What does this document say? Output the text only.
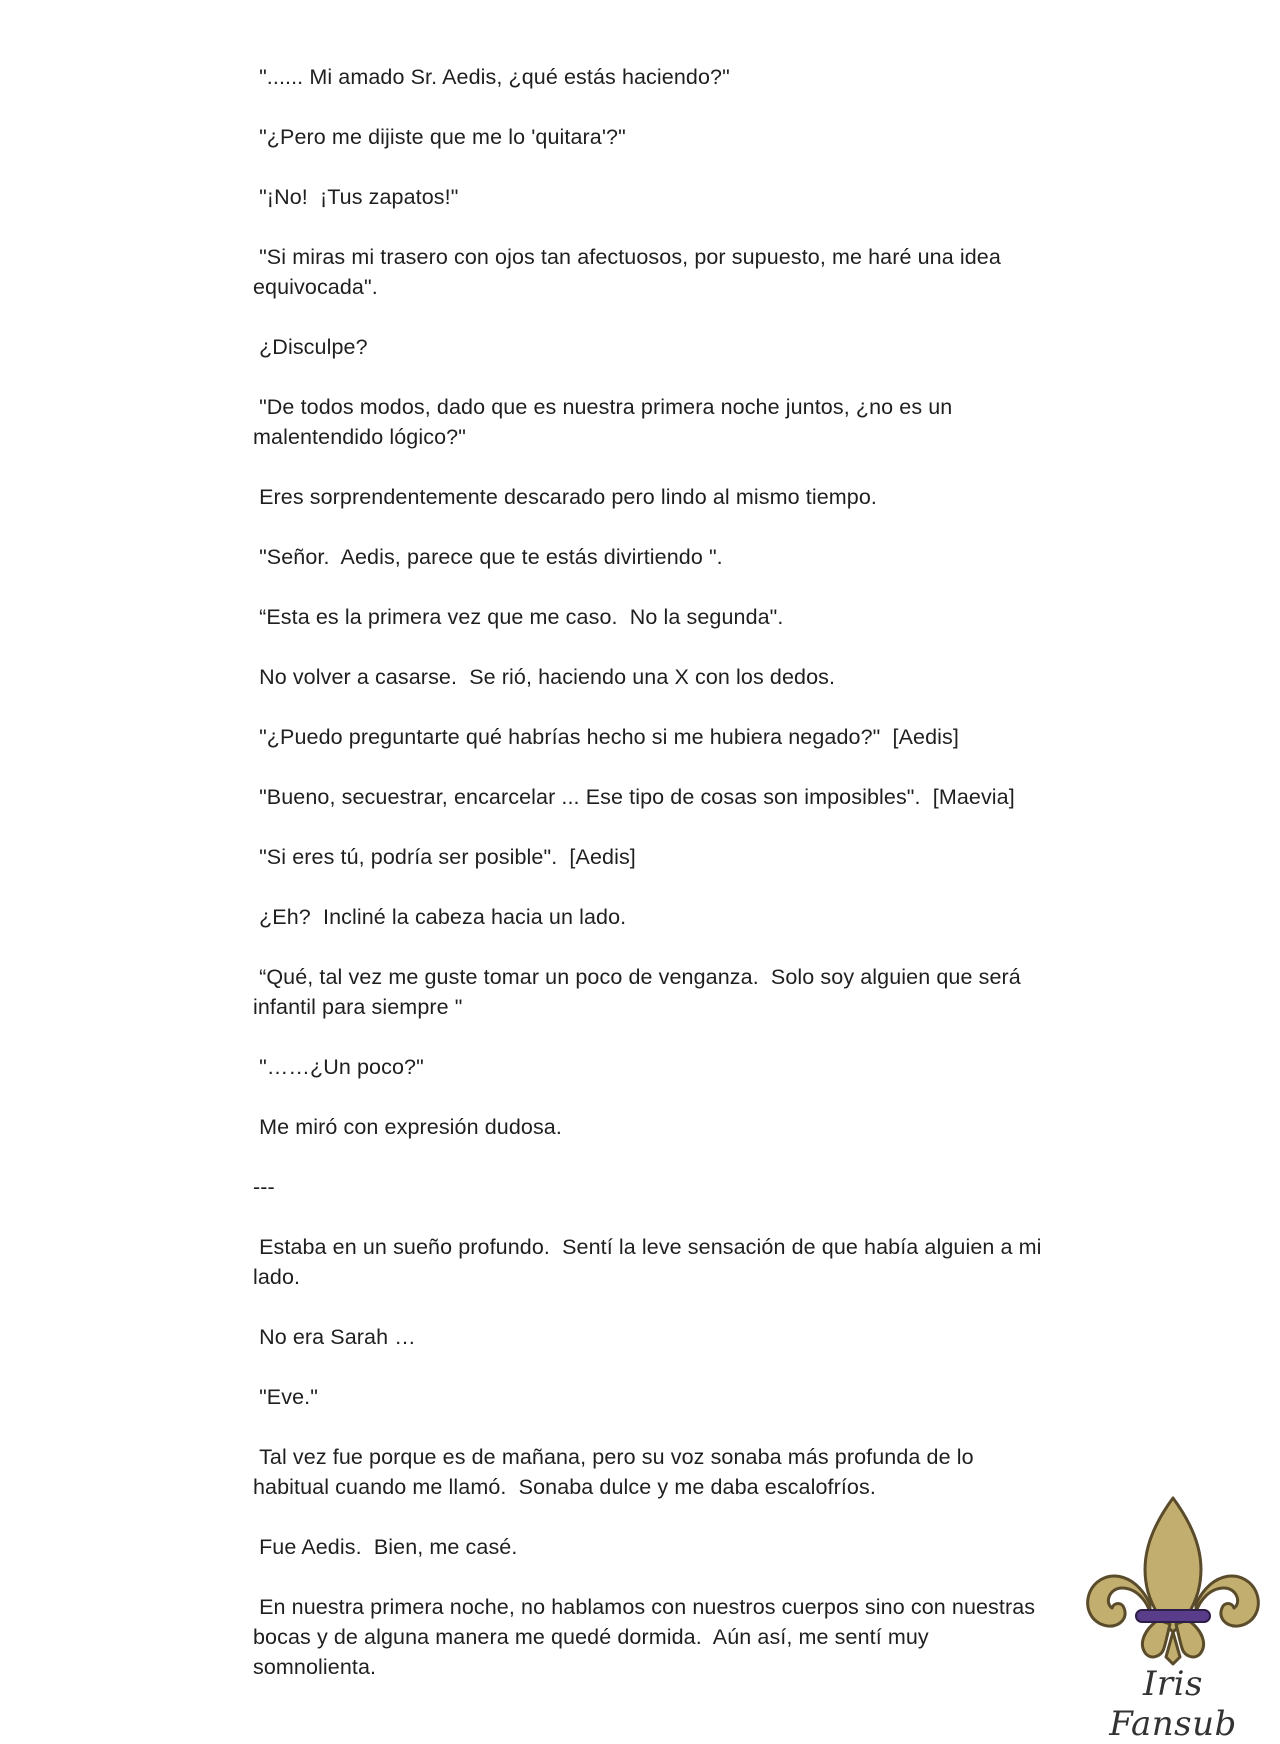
"...... Mi amado Sr. Aedis, ¿qué estás haciendo?"

"¿Pero me dijiste que me lo 'quitara'?"

"¡No!  ¡Tus zapatos!"

"Si miras mi trasero con ojos tan afectuosos, por supuesto, me haré una idea equivocada".

¿Disculpe?

"De todos modos, dado que es nuestra primera noche juntos, ¿no es un malentendido lógico?"

Eres sorprendentemente descarado pero lindo al mismo tiempo.

"Señor.  Aedis, parece que te estás divirtiendo ".

“Esta es la primera vez que me caso.  No la segunda".

No volver a casarse.  Se rió, haciendo una X con los dedos.

"¿Puedo preguntarte qué habrías hecho si me hubiera negado?"  [Aedis]

"Bueno, secuestrar, encarcelar ... Ese tipo de cosas son imposibles".  [Maevia]

"Si eres tú, podría ser posible".  [Aedis]

¿Eh?  Incliné la cabeza hacia un lado.

“Qué, tal vez me guste tomar un poco de venganza.  Solo soy alguien que será infantil para siempre "

"……¿Un poco?"

Me miró con expresión dudosa.

---

Estaba en un sueño profundo.  Sentí la leve sensación de que había alguien a mi lado.

No era Sarah …

"Eve."

Tal vez fue porque es de mañana, pero su voz sonaba más profunda de lo habitual cuando me llamó.  Sonaba dulce y me daba escalofríos.

Fue Aedis.  Bien, me casé.

En nuestra primera noche, no hablamos con nuestros cuerpos sino con nuestras bocas y de alguna manera me quedé dormida.  Aún así, me sentí muy somnolienta.	Iris Fansub
